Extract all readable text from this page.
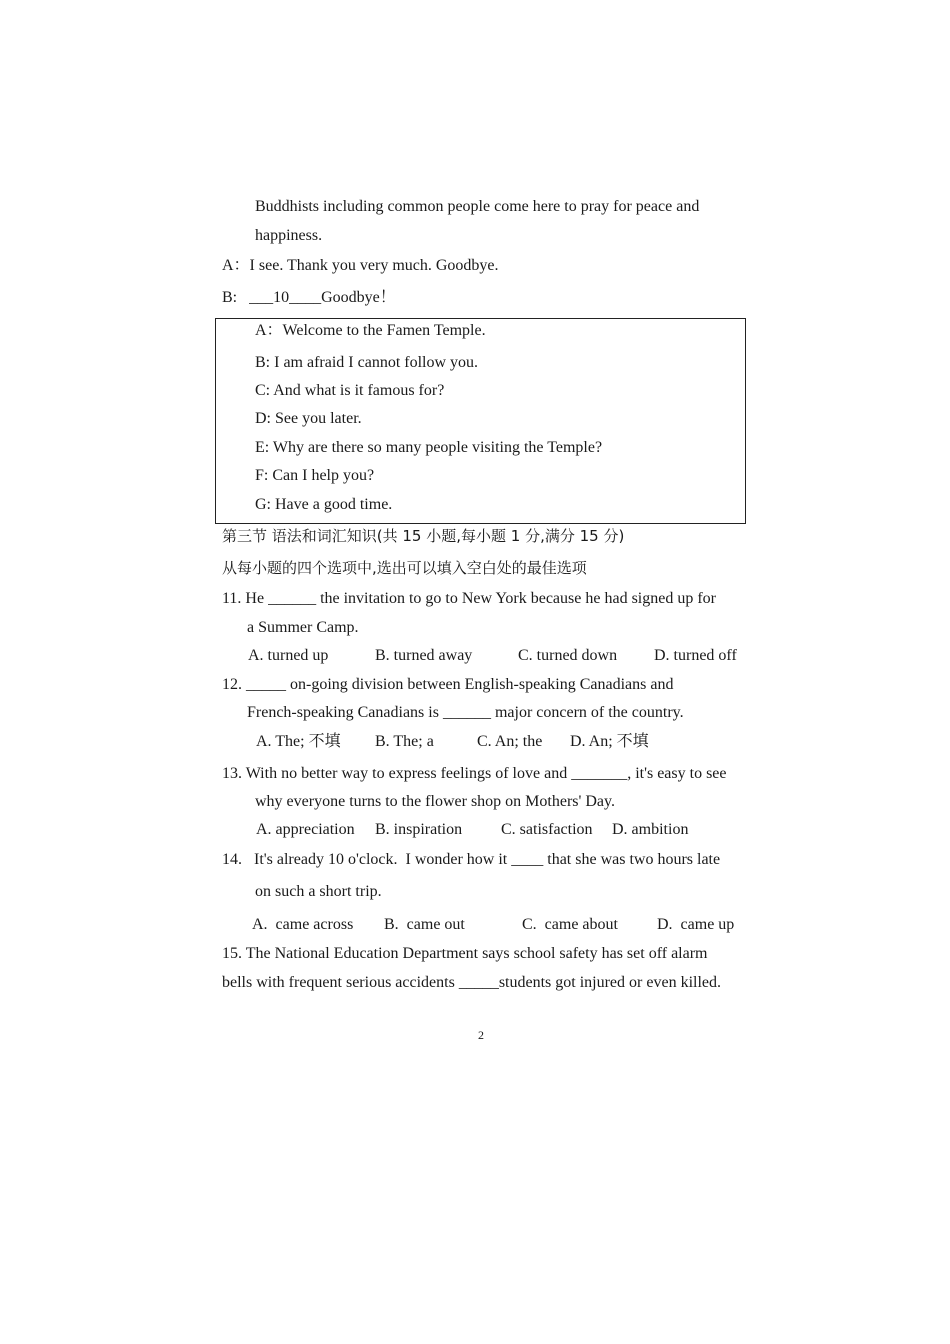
Buddhists including common people come here to pray for peace and
happiness.
A：I see. Thank you very much. Goodbye.
B: ___10____Goodbye！
A：Welcome to the Famen Temple.
B: I am afraid I cannot follow you.
C: And what is it famous for?
D: See you later.
E: Why are there so many people visiting the Temple?
F: Can I help you?
G: Have a good time.
第三节 语法和词汇知识(共 15 小题,每小题 1 分,满分 15 分)
从每小题的四个选项中,选出可以填入空白处的最佳选项
11. He ______ the invitation to go to New York because he had signed up for
a Summer Camp.
A. turned up	B. turned away	C. turned down D. turned off
12. _____ on-going division between English-speaking Canadians and
French-speaking Canadians is ______ major concern of the country.
A. The; 不填 B. The; a	C. An; the D. An; 不填
13. With no better way to express feelings of love and _______, it's easy to see
why everyone turns to the flower shop on Mothers' Day.
A. appreciation B. inspiration C. satisfaction D. ambition
14.   It's already 10 o'clock.  I wonder how it ____ that she was two hours late
on such a short trip.
A.  came across B.  came out	C.  came about D.  came up
15. The National Education Department says school safety has set off alarm
bells with frequent serious accidents _____students got injured or even killed.
2
